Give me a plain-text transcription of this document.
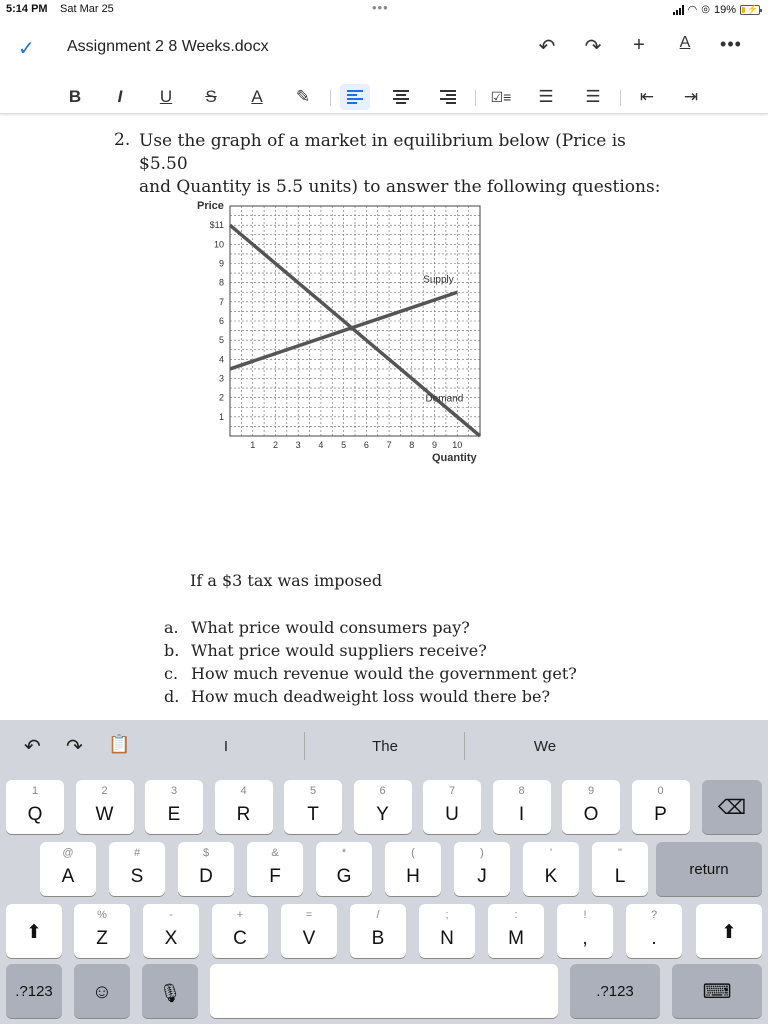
5:14 PM Sat Mar 25	•••	◠ ◎ 19% ⚡
✓ Assignment 2 8 Weeks.docx	↶	↷	+	A	•••
B	I	U	S	A	✎	☑≡	☰	☰	⇤	⇥
2. Use the graph of a market in equilibrium below (Price is $5.50
and Quantity is 5.5 units) to answer the following questions:
Price
Quantity
$11
10
9
8
7
6
5
4
3
2
1
1 2 3 4 5 6 7 8 9 10
Supply
Demand
If a $3 tax was imposed
a. What price would consumers pay?
b. What price would suppliers receive?
c. How much revenue would the government get?
d. How much deadweight loss would there be?
↶ ↷ 📋	I	The	We
1
Q
2
W
3
E
4
R
5
T
6
Y
7
U
8
I
9
O
0
P
@
A
#
S
$
D
&
F
*
G
(
H
)
J
'
K
"
L
%
Z
-
X
+
C
=
V
/
B
;
N
:
M
!
,
?
.
⌫
return
⬆	⬆
.?123	☺	🎙	.?123	⌨
